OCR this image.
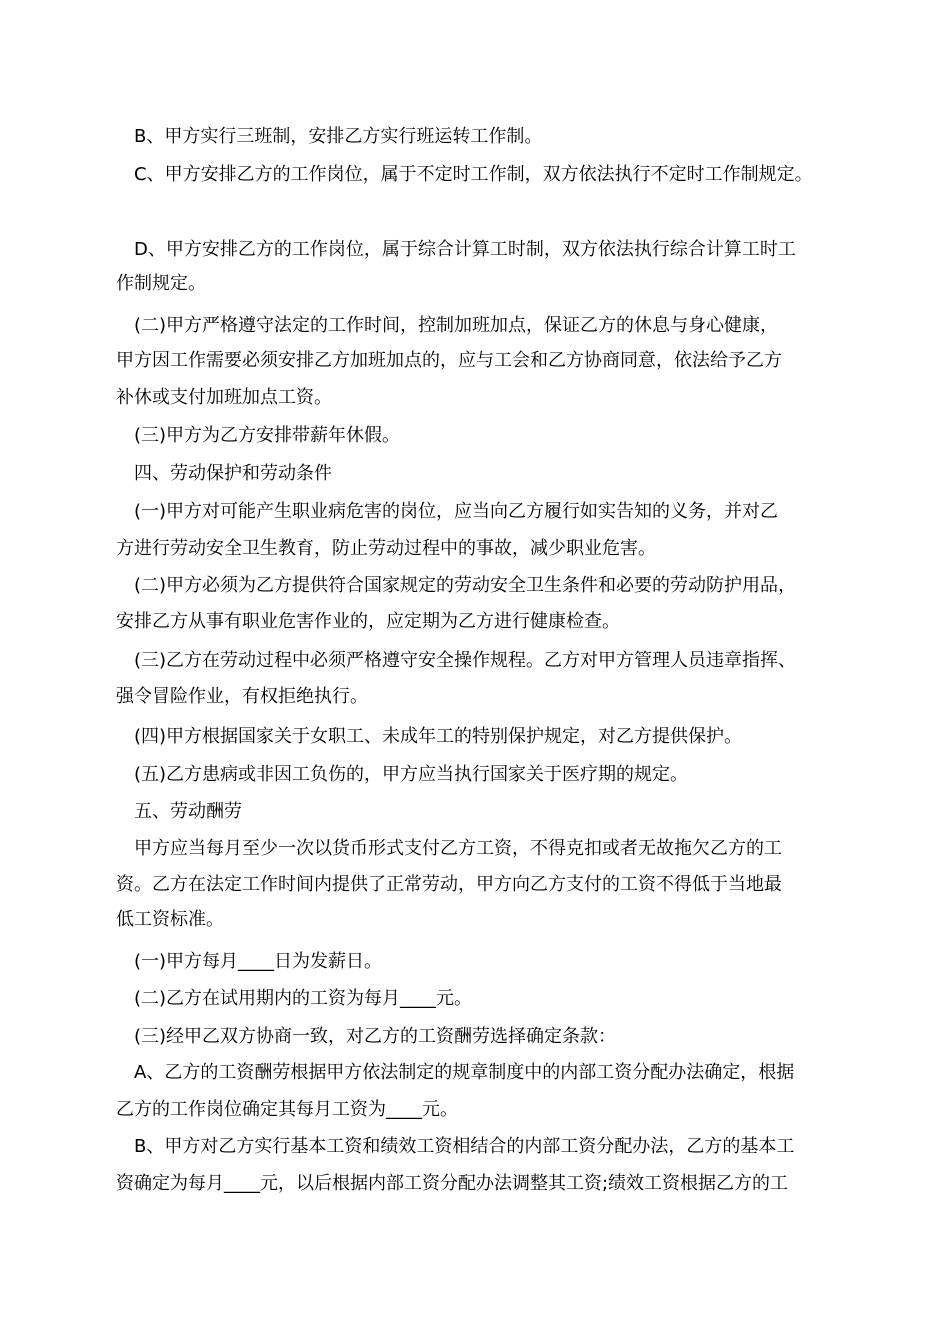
B、甲方实行三班制，安排乙方实行班运转工作制。

C、甲方安排乙方的工作岗位，属于不定时工作制，双方依法执行不定时工作制规定。

D、甲方安排乙方的工作岗位，属于综合计算工时制，双方依法执行综合计算工时工

作制规定。

(二)甲方严格遵守法定的工作时间，控制加班加点，保证乙方的休息与身心健康，

甲方因工作需要必须安排乙方加班加点的，应与工会和乙方协商同意，依法给予乙方

补休或支付加班加点工资。

(三)甲方为乙方安排带薪年休假。

四、劳动保护和劳动条件

(一)甲方对可能产生职业病危害的岗位，应当向乙方履行如实告知的义务，并对乙

方进行劳动安全卫生教育，防止劳动过程中的事故，减少职业危害。

(二)甲方必须为乙方提供符合国家规定的劳动安全卫生条件和必要的劳动防护用品，

安排乙方从事有职业危害作业的，应定期为乙方进行健康检查。

(三)乙方在劳动过程中必须严格遵守安全操作规程。乙方对甲方管理人员违章指挥、

强令冒险作业，有权拒绝执行。

(四)甲方根据国家关于女职工、未成年工的特别保护规定，对乙方提供保护。

(五)乙方患病或非因工负伤的，甲方应当执行国家关于医疗期的规定。

五、劳动酬劳

甲方应当每月至少一次以货币形式支付乙方工资，不得克扣或者无故拖欠乙方的工

资。乙方在法定工作时间内提供了正常劳动，甲方向乙方支付的工资不得低于当地最

低工资标准。

(一)甲方每月____日为发薪日。

(二)乙方在试用期内的工资为每月____元。

(三)经甲乙双方协商一致，对乙方的工资酬劳选择确定条款：

A、乙方的工资酬劳根据甲方依法制定的规章制度中的内部工资分配办法确定，根据

乙方的工作岗位确定其每月工资为____元。

B、甲方对乙方实行基本工资和绩效工资相结合的内部工资分配办法，乙方的基本工

资确定为每月____元，以后根据内部工资分配办法调整其工资;绩效工资根据乙方的工
